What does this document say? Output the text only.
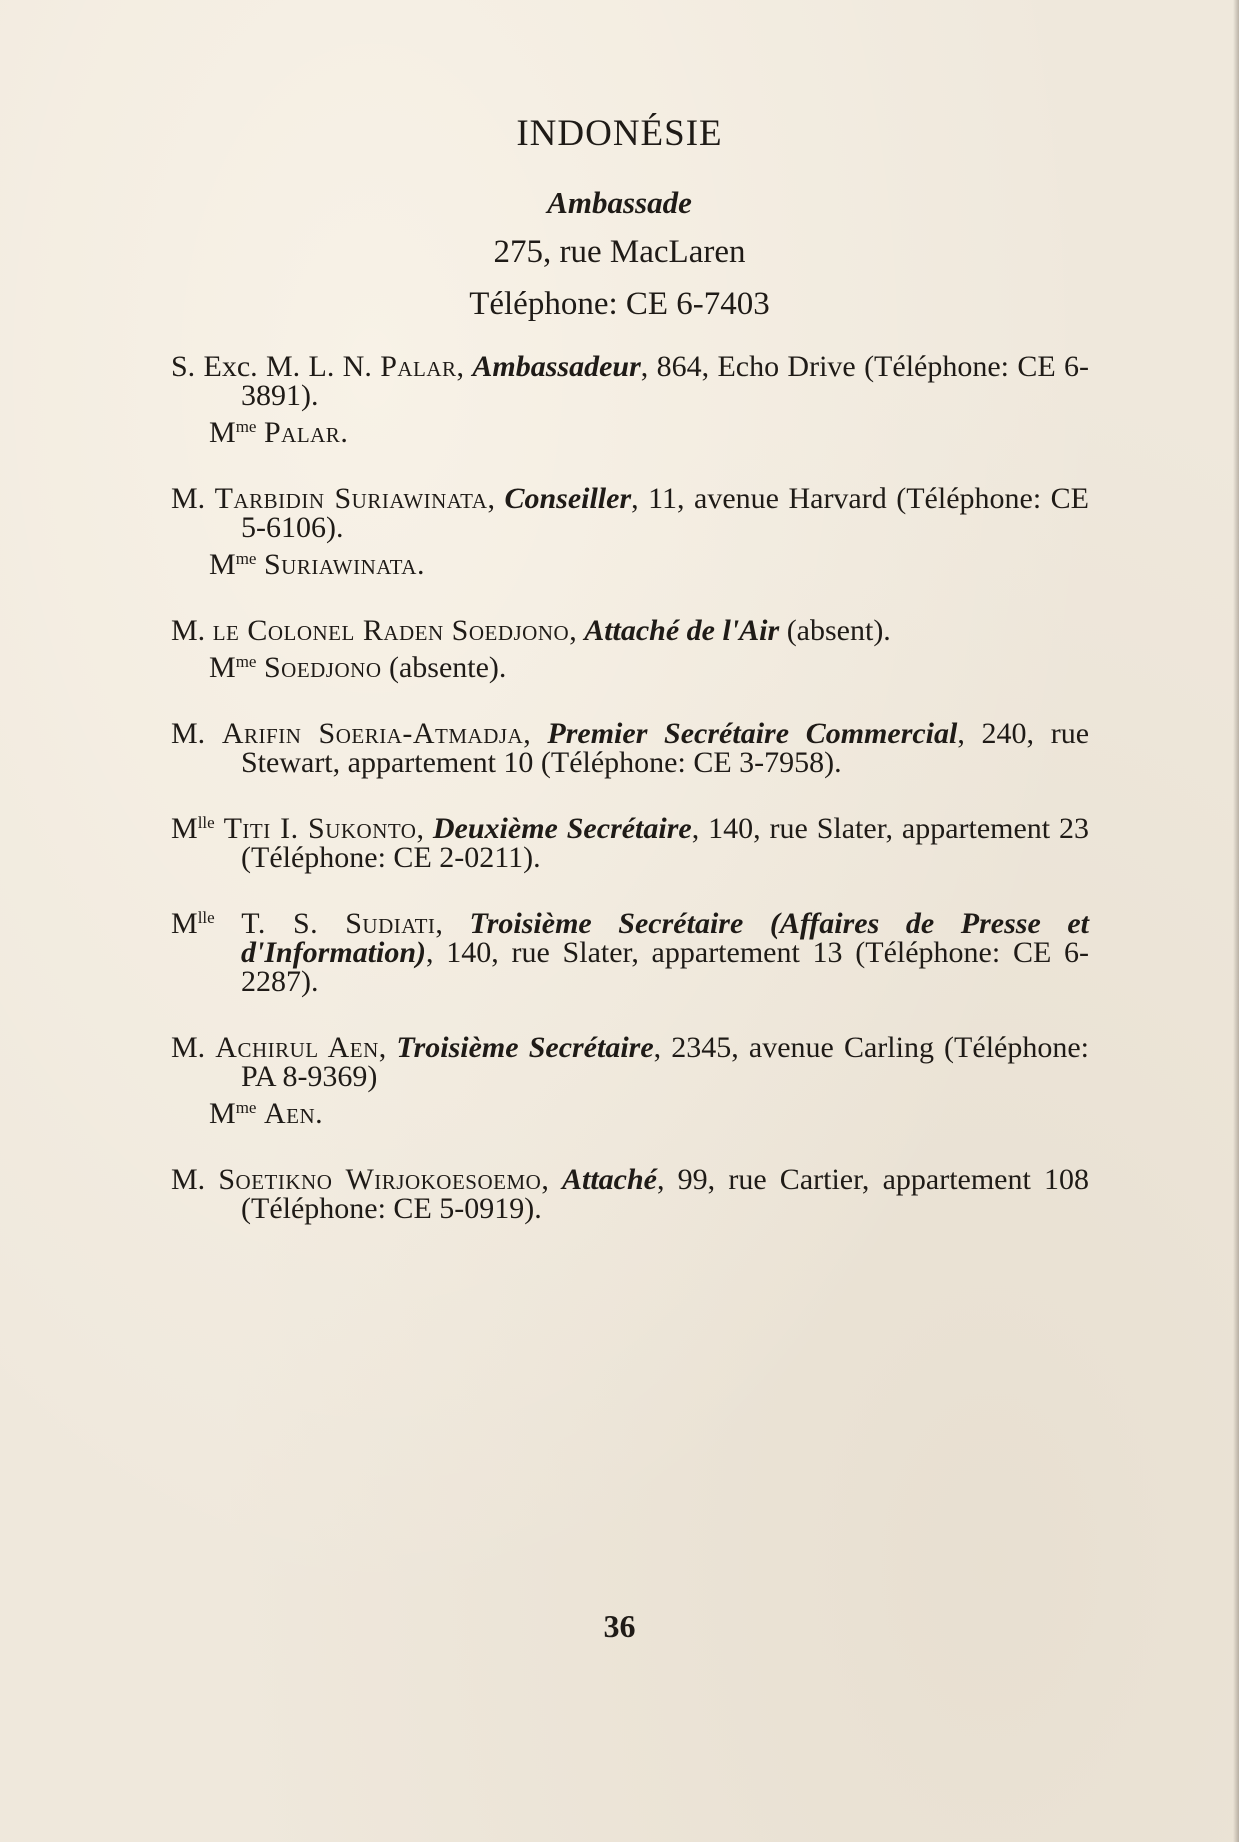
INDONÉSIE
Ambassade
275, rue MacLaren
Téléphone: CE 6-7403

S. Exc. M. L. N. Palar, Ambassadeur, 864, Echo Drive (Téléphone: CE 6-3891).

$M^{me}$ Palar.

M. Tarbidin Suriawinata, Conseiller, 11, avenue Harvard (Téléphone: CE 5-6106).

$M^{me}$ Suriawinata.

M. le Colonel Raden Soedjono, Attaché de l'Air (absent).

$M^{me}$ Soedjono (absente).

M. Arifin Soeria-Atmadja, Premier Secrétaire Commercial, 240, rue Stewart, appartement 10 (Téléphone: CE 3-7958).

$M^{lle}$ Titi I. Sukonto, Deuxième Secrétaire, 140, rue Slater, appartement 23 (Téléphone: CE 2-0211).

$M^{lle}$ T. S. Sudiati, Troisième Secrétaire (Affaires de Presse et d'Information), 140, rue Slater, appartement 13 (Téléphone: CE 6-2287).

M. Achirul Aen, Troisième Secrétaire, 2345, avenue Carling (Téléphone: PA 8-9369)

$M^{me}$ Aen.

M. Soetikno Wirjokoesoemo, Attaché, 99, rue Cartier, appartement 108 (Téléphone: CE 5-0919).

36
